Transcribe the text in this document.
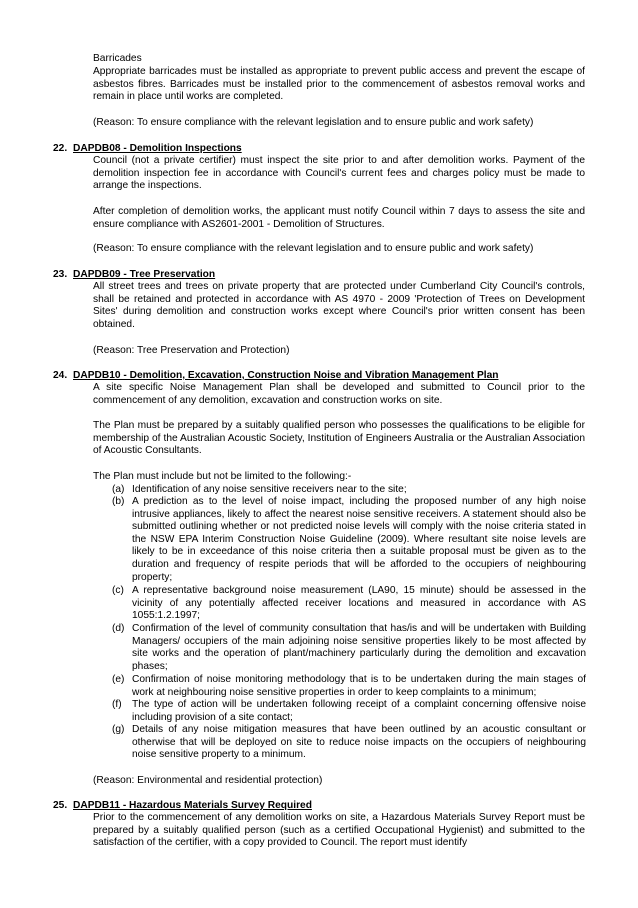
Barricades
Appropriate barricades must be installed as appropriate to prevent public access and prevent the escape of asbestos fibres. Barricades must be installed prior to the commencement of asbestos removal works and remain in place until works are completed.
(Reason: To ensure compliance with the relevant legislation and to ensure public and work safety)
22. DAPDB08 - Demolition Inspections
Council (not a private certifier) must inspect the site prior to and after demolition works. Payment of the demolition inspection fee in accordance with Council's current fees and charges policy must be made to arrange the inspections.
After completion of demolition works, the applicant must notify Council within 7 days to assess the site and ensure compliance with AS2601-2001 - Demolition of Structures.
(Reason: To ensure compliance with the relevant legislation and to ensure public and work safety)
23. DAPDB09 - Tree Preservation
All street trees and trees on private property that are protected under Cumberland City Council's controls, shall be retained and protected in accordance with AS 4970 - 2009 'Protection of Trees on Development Sites' during demolition and construction works except where Council's prior written consent has been obtained.
(Reason: Tree Preservation and Protection)
24. DAPDB10 - Demolition, Excavation, Construction Noise and Vibration Management Plan
A site specific Noise Management Plan shall be developed and submitted to Council prior to the commencement of any demolition, excavation and construction works on site.
The Plan must be prepared by a suitably qualified person who possesses the qualifications to be eligible for membership of the Australian Acoustic Society, Institution of Engineers Australia or the Australian Association of Acoustic Consultants.
The Plan must include but not be limited to the following:-
(a) Identification of any noise sensitive receivers near to the site;
(b) A prediction as to the level of noise impact, including the proposed number of any high noise intrusive appliances, likely to affect the nearest noise sensitive receivers. A statement should also be submitted outlining whether or not predicted noise levels will comply with the noise criteria stated in the NSW EPA Interim Construction Noise Guideline (2009). Where resultant site noise levels are likely to be in exceedance of this noise criteria then a suitable proposal must be given as to the duration and frequency of respite periods that will be afforded to the occupiers of neighbouring property;
(c) A representative background noise measurement (LA90, 15 minute) should be assessed in the vicinity of any potentially affected receiver locations and measured in accordance with AS 1055:1.2.1997;
(d) Confirmation of the level of community consultation that has/is and will be undertaken with Building Managers/ occupiers of the main adjoining noise sensitive properties likely to be most affected by site works and the operation of plant/machinery particularly during the demolition and excavation phases;
(e) Confirmation of noise monitoring methodology that is to be undertaken during the main stages of work at neighbouring noise sensitive properties in order to keep complaints to a minimum;
(f) The type of action will be undertaken following receipt of a complaint concerning offensive noise including provision of a site contact;
(g) Details of any noise mitigation measures that have been outlined by an acoustic consultant or otherwise that will be deployed on site to reduce noise impacts on the occupiers of neighbouring noise sensitive property to a minimum.
(Reason: Environmental and residential protection)
25. DAPDB11 - Hazardous Materials Survey Required
Prior to the commencement of any demolition works on site, a Hazardous Materials Survey Report must be prepared by a suitably qualified person (such as a certified Occupational Hygienist) and submitted to the satisfaction of the certifier, with a copy provided to Council. The report must identify
